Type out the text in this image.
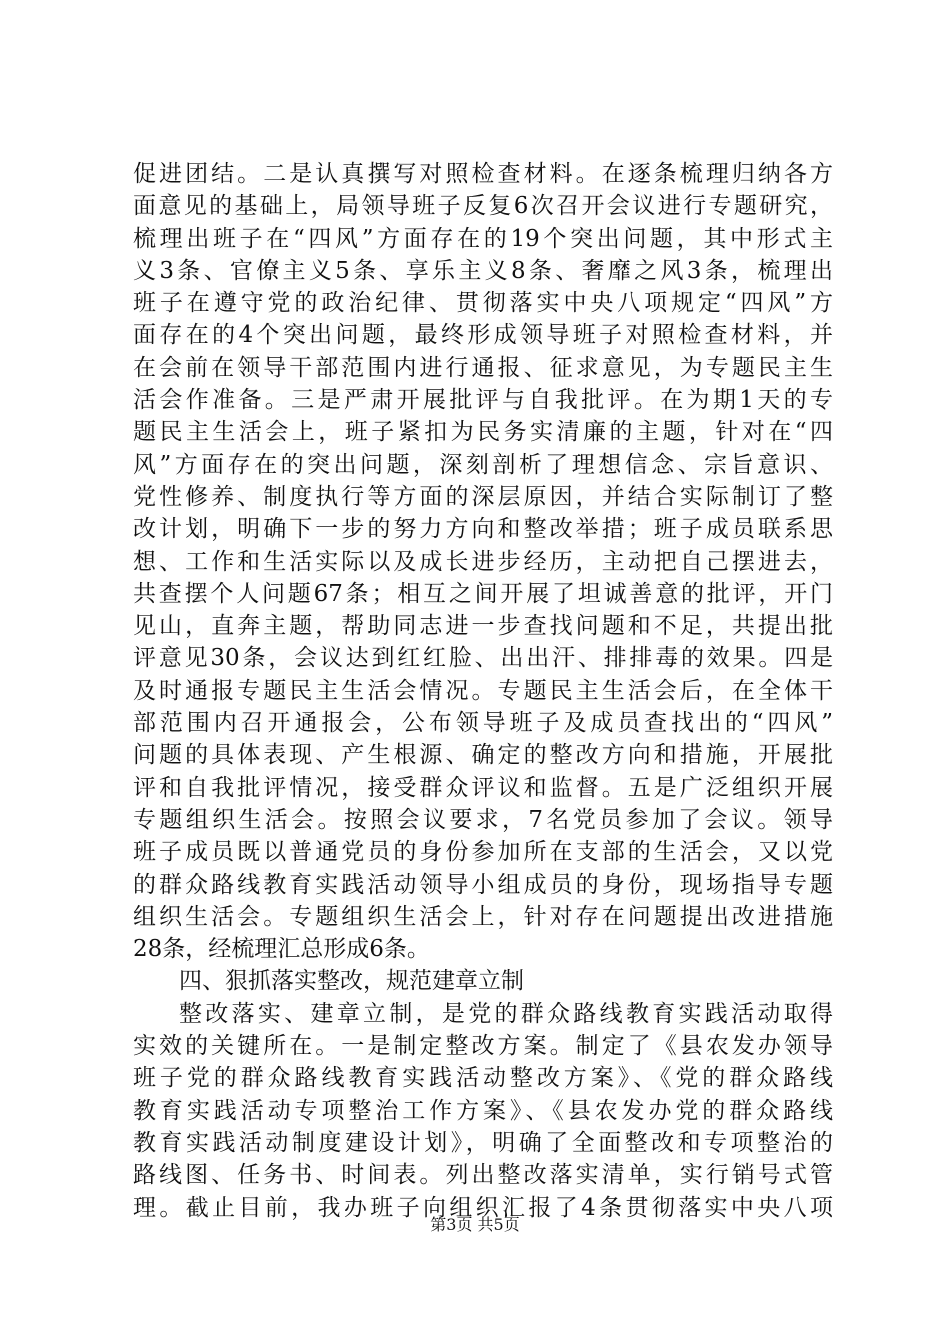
促进团结。二是认真撰写对照检查材料。在逐条梳理归纳各方
面意见的基础上，局领导班子反复6次召开会议进行专题研究，
梳理出班子在“四风”方面存在的19个突出问题，其中形式主
义3条、官僚主义5条、享乐主义8条、奢靡之风3条，梳理出
班子在遵守党的政治纪律、贯彻落实中央八项规定“四风”方
面存在的4个突出问题，最终形成领导班子对照检查材料，并
在会前在领导干部范围内进行通报、征求意见，为专题民主生
活会作准备。三是严肃开展批评与自我批评。在为期1天的专
题民主生活会上，班子紧扣为民务实清廉的主题，针对在“四
风”方面存在的突出问题，深刻剖析了理想信念、宗旨意识、
党性修养、制度执行等方面的深层原因，并结合实际制订了整
改计划，明确下一步的努力方向和整改举措；班子成员联系思
想、工作和生活实际以及成长进步经历，主动把自己摆进去，
共查摆个人问题67条；相互之间开展了坦诚善意的批评，开门
见山，直奔主题，帮助同志进一步查找问题和不足，共提出批
评意见30条，会议达到红红脸、出出汗、排排毒的效果。四是
及时通报专题民主生活会情况。专题民主生活会后，在全体干
部范围内召开通报会，公布领导班子及成员查找出的“四风”
问题的具体表现、产生根源、确定的整改方向和措施，开展批
评和自我批评情况，接受群众评议和监督。五是广泛组织开展
专题组织生活会。按照会议要求，7名党员参加了会议。领导
班子成员既以普通党员的身份参加所在支部的生活会，又以党
的群众路线教育实践活动领导小组成员的身份，现场指导专题
组织生活会。专题组织生活会上，针对存在问题提出改进措施
28条，经梳理汇总形成6条。
四、狠抓落实整改，规范建章立制
整改落实、建章立制，是党的群众路线教育实践活动取得
实效的关键所在。一是制定整改方案。制定了《县农发办领导
班子党的群众路线教育实践活动整改方案》、《党的群众路线
教育实践活动专项整治工作方案》、《县农发办党的群众路线
教育实践活动制度建设计划》，明确了全面整改和专项整治的
路线图、任务书、时间表。列出整改落实清单，实行销号式管
理。截止目前，我办班子向组织汇报了4条贯彻落实中央八项
第3页 共5页
